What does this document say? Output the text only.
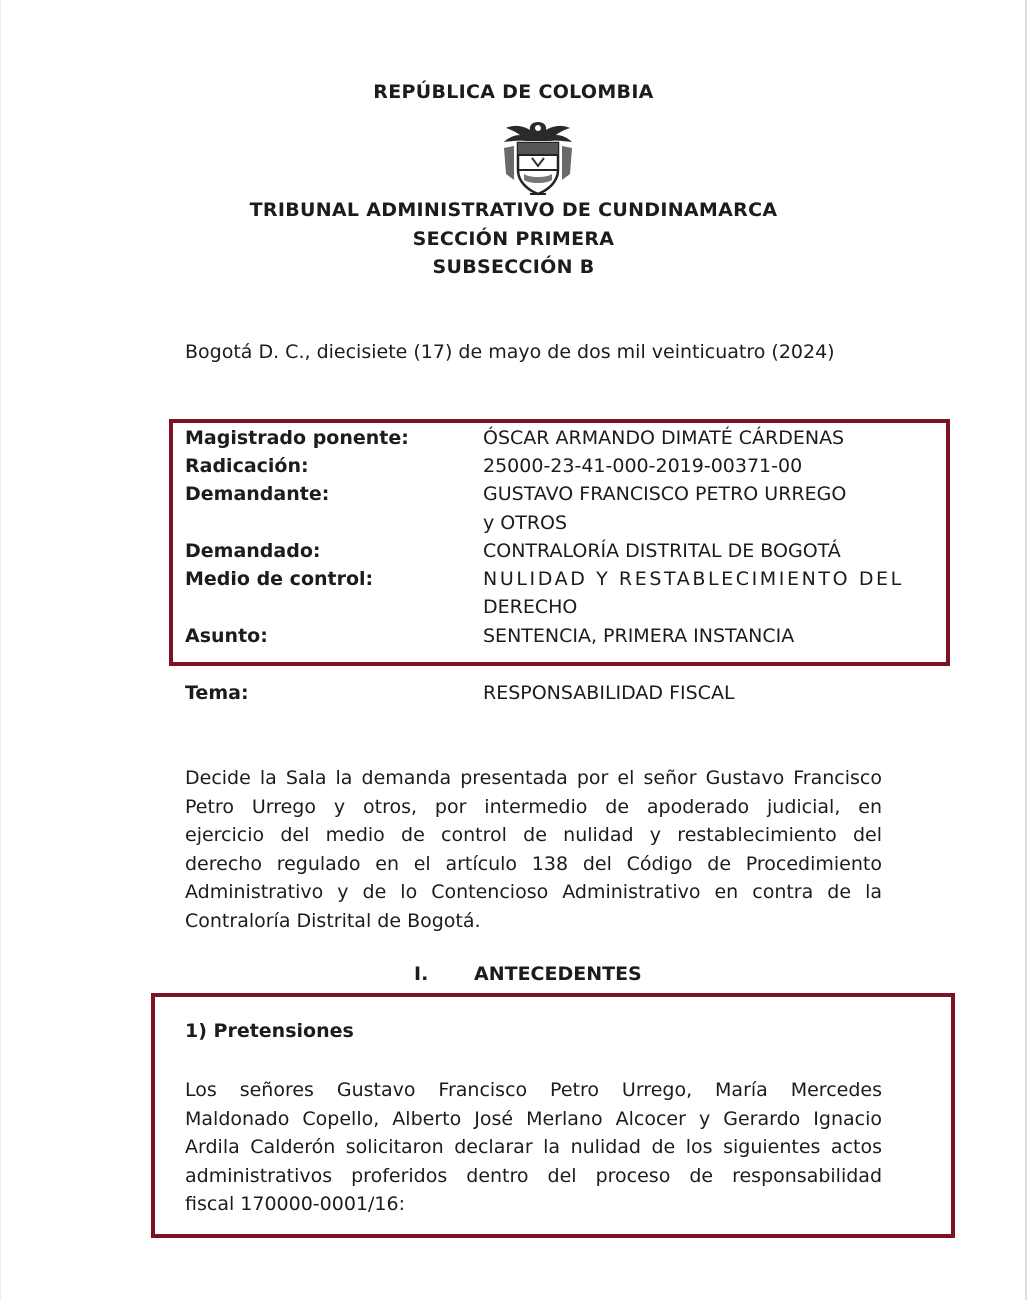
REPÚBLICA DE COLOMBIA

TRIBUNAL ADMINISTRATIVO DE CUNDINAMARCA

SECCIÓN PRIMERA

SUBSECCIÓN B

Bogotá D. C., diecisiete (17) de mayo de dos mil veinticuatro (2024)

Magistrado ponente:	ÓSCAR ARMANDO DIMATÉ CÁRDENAS
Radicación:	25000-23-41-000-2019-00371-00
Demandante:	GUSTAVO FRANCISCO PETRO URREGO
y OTROS
Demandado:	CONTRALORÍA DISTRITAL DE BOGOTÁ
Medio de control:	NULIDAD Y RESTABLECIMIENTO DEL
DERECHO
Asunto:	SENTENCIA, PRIMERA INSTANCIA
Tema:	RESPONSABILIDAD FISCAL

Decide la Sala la demanda presentada por el señor Gustavo Francisco
Petro Urrego y otros, por intermedio de apoderado judicial, en
ejercicio del medio de control de nulidad y restablecimiento del
derecho regulado en el artículo 138 del Código de Procedimiento
Administrativo y de lo Contencioso Administrativo en contra de la
Contraloría Distrital de Bogotá.

I. ANTECEDENTES

1) Pretensiones

Los señores Gustavo Francisco Petro Urrego, María Mercedes
Maldonado Copello, Alberto José Merlano Alcocer y Gerardo Ignacio
Ardila Calderón solicitaron declarar la nulidad de los siguientes actos
administrativos proferidos dentro del proceso de responsabilidad
fiscal 170000-0001/16:
